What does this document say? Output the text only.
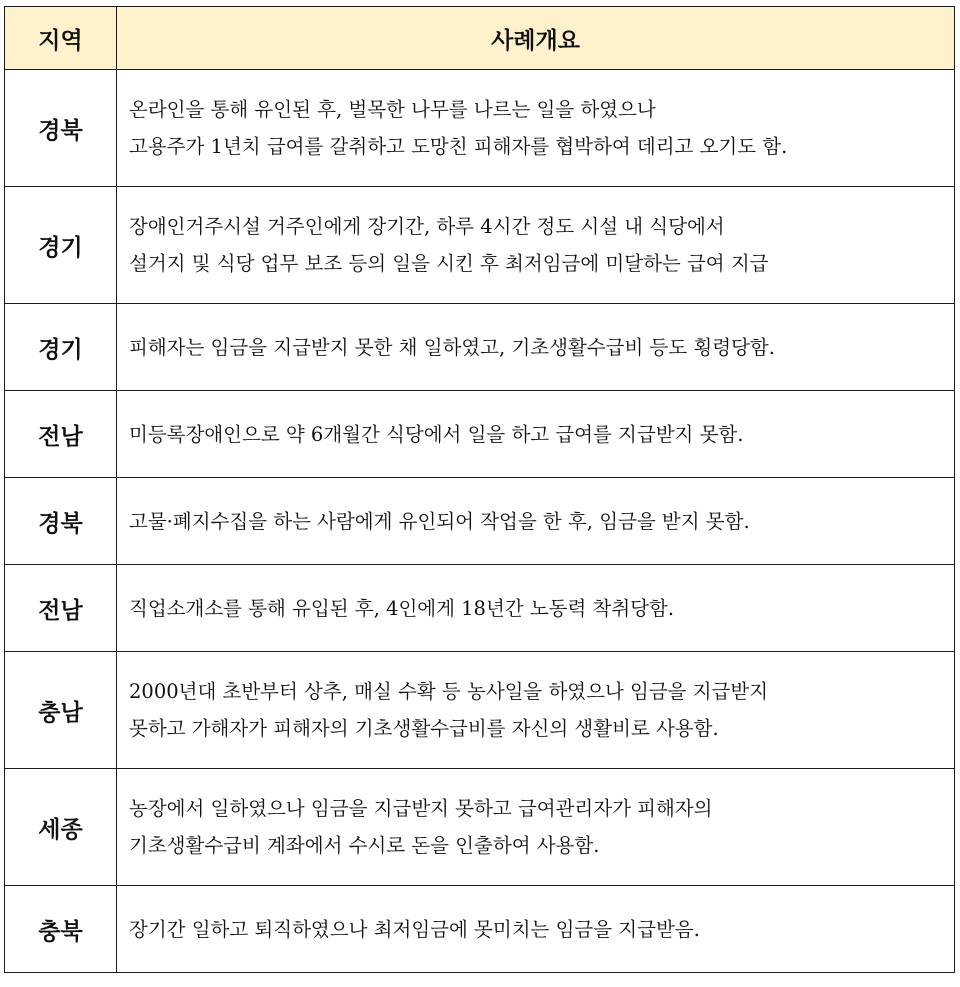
지역	사례개요
경북	온라인을 통해 유인된 후, 벌목한 나무를 나르는 일을 하였으나
고용주가 1년치 급여를 갈취하고 도망친 피해자를 협박하여 데리고 오기도 함.

경기	장애인거주시설 거주인에게 장기간, 하루 4시간 정도 시설 내 식당에서
설거지 및 식당 업무 보조 등의 일을 시킨 후 최저임금에 미달하는 급여 지급

경기	피해자는 임금을 지급받지 못한 채 일하였고, 기초생활수급비 등도 횡령당함.

전남	미등록장애인으로 약 6개월간 식당에서 일을 하고 급여를 지급받지 못함.

경북	고물·폐지수집을 하는 사람에게 유인되어 작업을 한 후, 임금을 받지 못함.

전남	직업소개소를 통해 유입된 후, 4인에게 18년간 노동력 착취당함.

충남	2000년대 초반부터 상추, 매실 수확 등 농사일을 하였으나 임금을 지급받지
못하고 가해자가 피해자의 기초생활수급비를 자신의 생활비로 사용함.

세종	농장에서 일하였으나 임금을 지급받지 못하고 급여관리자가 피해자의
기초생활수급비 계좌에서 수시로 돈을 인출하여 사용함.

충북	장기간 일하고 퇴직하였으나 최저임금에 못미치는 임금을 지급받음.
